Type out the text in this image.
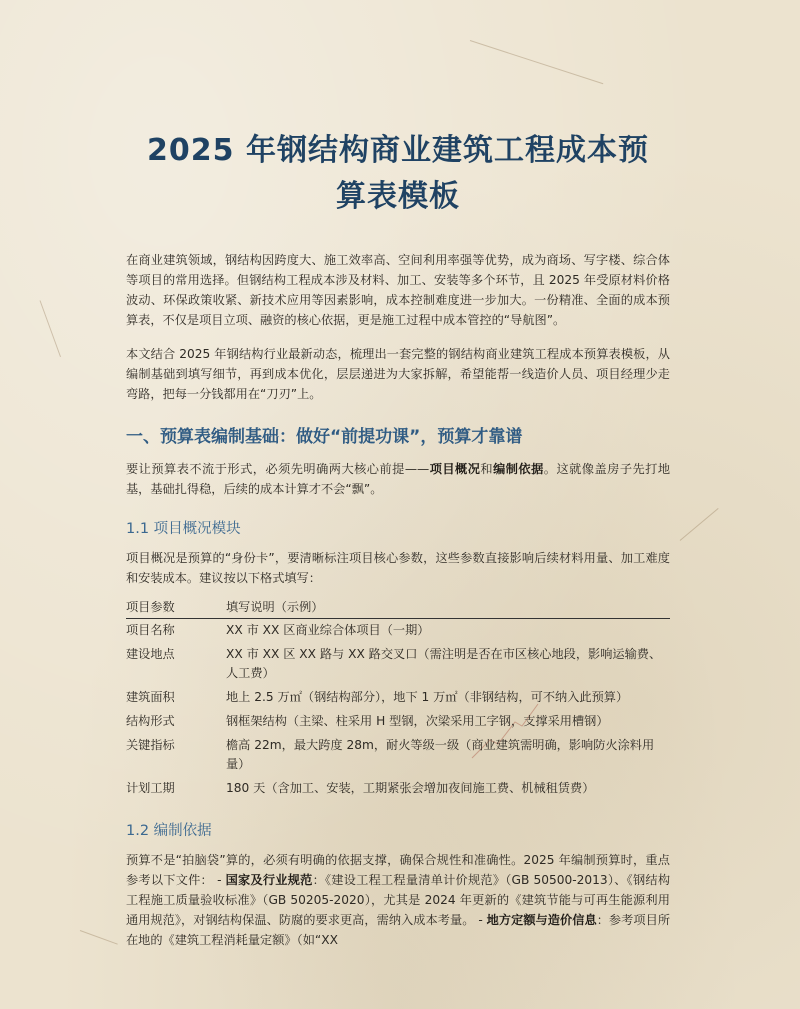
2025 年钢结构商业建筑工程成本预
算表模板

在商业建筑领域，钢结构因跨度大、施工效率高、空间利用率强等优势，成为商场、写字楼、综合体等项目的常用选择。但钢结构工程成本涉及材料、加工、安装等多个环节，且 2025 年受原材料价格波动、环保政策收紧、新技术应用等因素影响，成本控制难度进一步加大。一份精准、全面的成本预算表，不仅是项目立项、融资的核心依据，更是施工过程中成本管控的“导航图”。

本文结合 2025 年钢结构行业最新动态，梳理出一套完整的钢结构商业建筑工程成本预算表模板，从编制基础到填写细节，再到成本优化，层层递进为大家拆解，希望能帮一线造价人员、项目经理少走弯路，把每一分钱都用在“刀刃”上。

一、预算表编制基础：做好“前提功课”，预算才靠谱

要让预算表不流于形式，必须先明确两大核心前提——项目概况和编制依据。这就像盖房子先打地基，基础扎得稳，后续的成本计算才不会“飘”。

1.1 项目概况模块

项目概况是预算的“身份卡”，要清晰标注项目核心参数，这些参数直接影响后续材料用量、加工难度和安装成本。建议按以下格式填写：

项目参数	填写说明（示例）
项目名称	XX 市 XX 区商业综合体项目（一期）
建设地点	XX 市 XX 区 XX 路与 XX 路交叉口（需注明是否在市区核心地段，影响运输费、人工费）
建筑面积	地上 2.5 万㎡（钢结构部分），地下 1 万㎡（非钢结构，可不纳入此预算）
结构形式	钢框架结构（主梁、柱采用 H 型钢，次梁采用工字钢，支撑采用槽钢）
关键指标	檐高 22m，最大跨度 28m，耐火等级一级（商业建筑需明确，影响防火涂料用量）
计划工期	180 天（含加工、安装，工期紧张会增加夜间施工费、机械租赁费）
1.2 编制依据

预算不是“拍脑袋”算的，必须有明确的依据支撑，确保合规性和准确性。2025 年编制预算时，重点参考以下文件： - 国家及行业规范：《建设工程工程量清单计价规范》（GB 50500-2013）、《钢结构工程施工质量验收标准》（GB 50205-2020），尤其是 2024 年更新的《建筑节能与可再生能源利用通用规范》，对钢结构保温、防腐的要求更高，需纳入成本考量。 - 地方定额与造价信息：参考项目所在地的《建筑工程消耗量定额》（如“XX
